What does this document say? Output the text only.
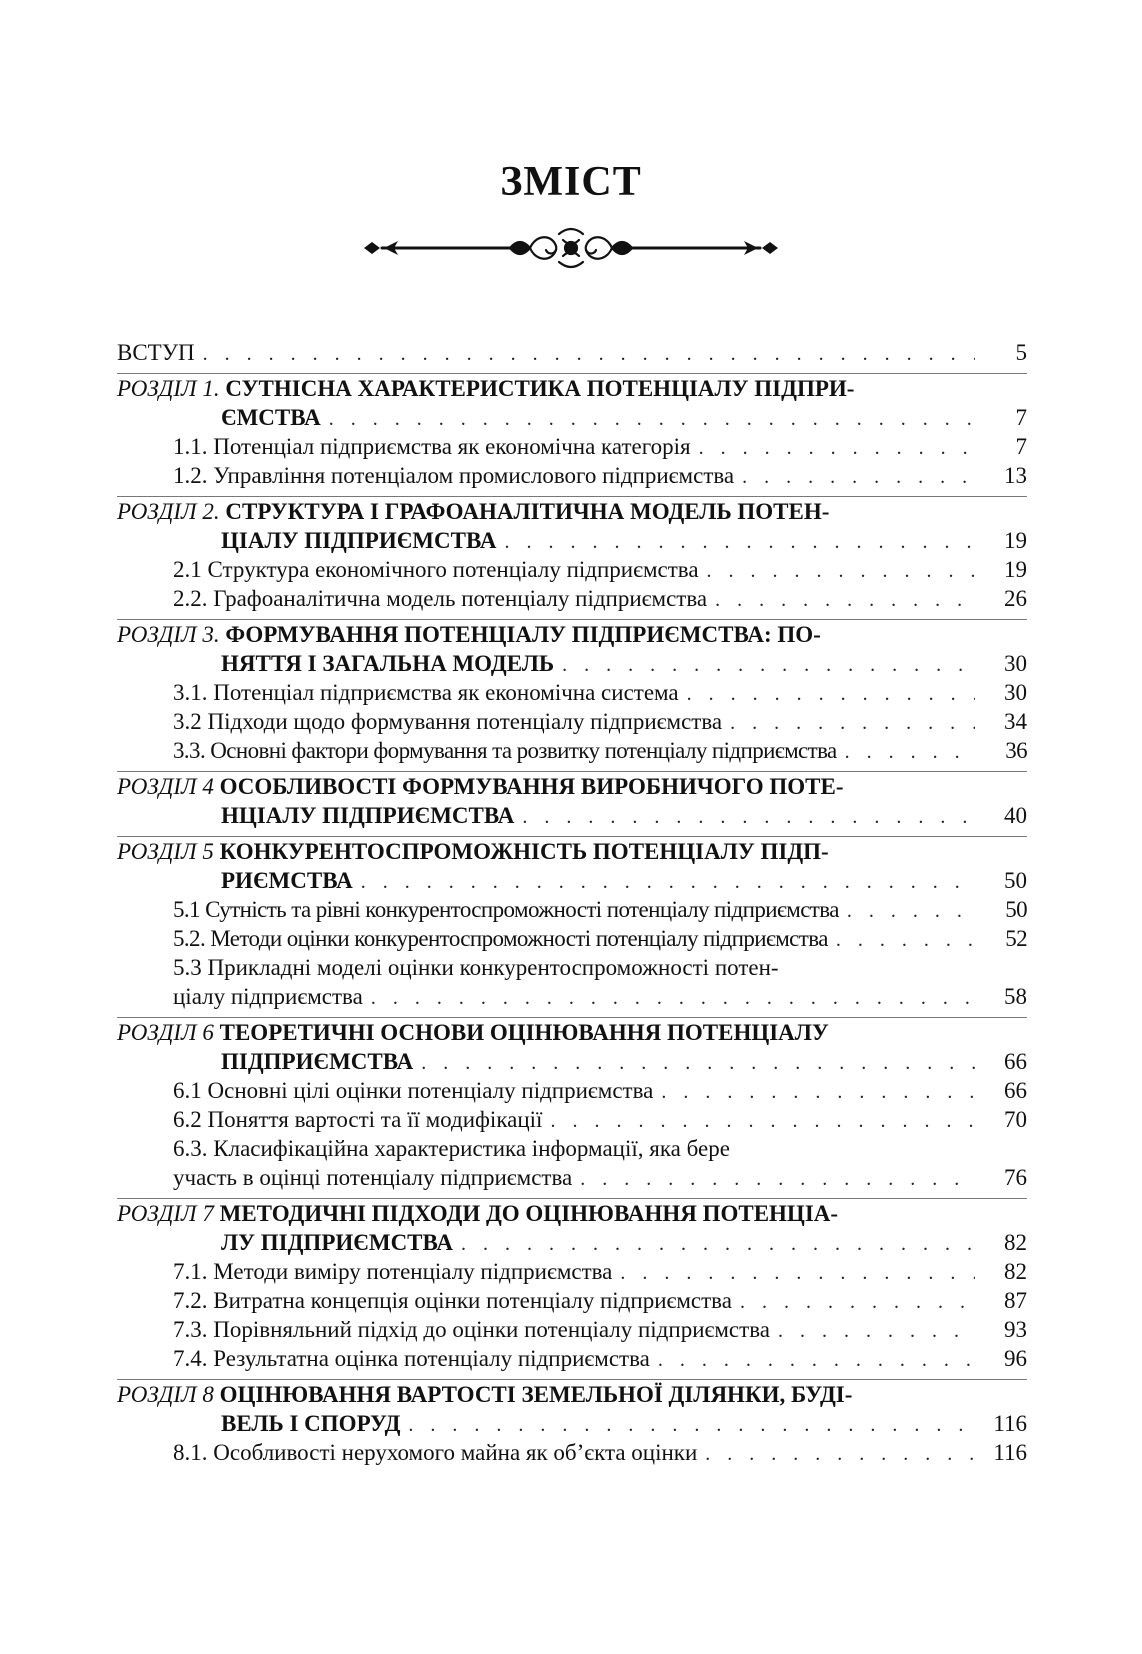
ЗМІСТ
ВСТУП . . .	5
РОЗДІЛ 1. СУТНІСНА ХАРАКТЕРИСТИКА ПОТЕНЦІАЛУ ПІДПРИ-
ЄМСТВА . . .	7
1.1. Потенціал підприємства як економічна категорія . . .	7
1.2. Управління потенціалом промислового підприємства . . .	13
РОЗДІЛ 2. СТРУКТУРА І ГРАФОАНАЛІТИЧНА МОДЕЛЬ ПОТЕН-
ЦІАЛУ ПІДПРИЄМСТВА . . .	19
2.1 Структура економічного потенціалу підприємства . . .	19
2.2. Графоаналітична модель потенціалу підприємства . . .	26
РОЗДІЛ 3. ФОРМУВАННЯ ПОТЕНЦІАЛУ ПІДПРИЄМСТВА: ПО-
НЯТТЯ І ЗАГАЛЬНА МОДЕЛЬ . . .	30
3.1. Потенціал підприємства як економічна система . . .	30
3.2 Підходи щодо формування потенціалу підприємства . . .	34
3.3. Основні фактори формування та розвитку потенціалу підприємства . . .	36
РОЗДІЛ 4 ОСОБЛИВОСТІ ФОРМУВАННЯ ВИРОБНИЧОГО ПОТЕ-
НЦІАЛУ ПІДПРИЄМСТВА . . .	40
РОЗДІЛ 5 КОНКУРЕНТОСПРОМОЖНІСТЬ ПОТЕНЦІАЛУ ПІДП-
РИЄМСТВА . . .	50
5.1 Сутність та рівні конкурентоспроможності потенціалу підприємства . . .	50
5.2. Методи оцінки конкурентоспроможності потенціалу підприємства . . .	52
5.3 Прикладні моделі оцінки конкурентоспроможності потен-
ціалу підприємства . . .	58
РОЗДІЛ 6 ТЕОРЕТИЧНІ ОСНОВИ ОЦІНЮВАННЯ ПОТЕНЦІАЛУ
ПІДПРИЄМСТВА . . .	66
6.1 Основні цілі оцінки потенціалу підприємства . . .	66
6.2 Поняття вартості та її модифікації . . .	70
6.3. Класифікаційна характеристика інформації, яка бере
участь в оцінці потенціалу підприємства . . .	76
РОЗДІЛ 7 МЕТОДИЧНІ ПІДХОДИ ДО ОЦІНЮВАННЯ ПОТЕНЦІА-
ЛУ ПІДПРИЄМСТВА . . .	82
7.1. Методи виміру потенціалу підприємства . . .	82
7.2. Витратна концепція оцінки потенціалу підприємства . . .	87
7.3. Порівняльний підхід до оцінки потенціалу підприємства . . .	93
7.4. Результатна оцінка потенціалу підприємства . . .	96
РОЗДІЛ 8 ОЦІНЮВАННЯ ВАРТОСТІ ЗЕМЕЛЬНОЇ ДІЛЯНКИ, БУДІ-
ВЕЛЬ І СПОРУД . . .	116
8.1. Особливості нерухомого майна як об’єкта оцінки . . .	116
